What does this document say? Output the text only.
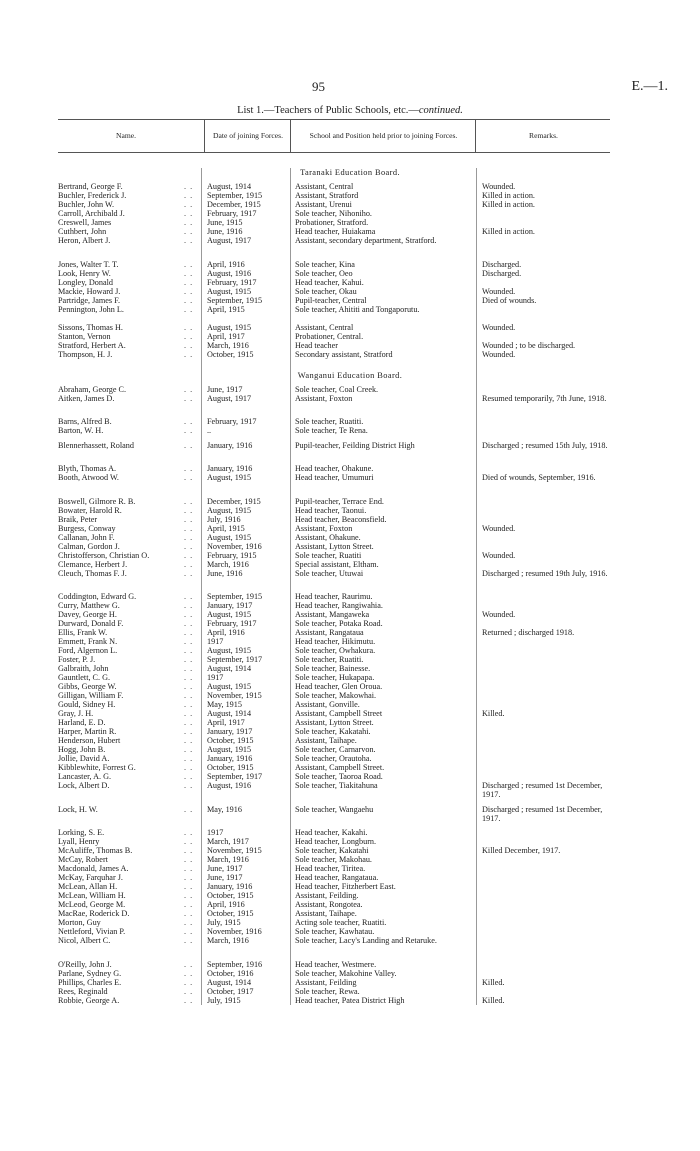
95	E.—1.
List 1.—Teachers of Public Schools, etc.—continued.
Name.	Date of joining Forces.	School and Position held prior to joining Forces.	Remarks.
Taranaki Education Board.
Bertrand, George F.	. .	August, 1914	Assistant, Central	Wounded.
Buchler, Frederick J.	. .	September, 1915	Assistant, Stratford	Killed in action.
Buchler, John W.	. .	December, 1915	Assistant, Urenui	Killed in action.
Carroll, Archibald J.	. .	February, 1917	Sole teacher, Nihoniho.
Creswell, James	. .	June, 1915	Probationer, Stratford.
Cuthbert, John	. .	June, 1916	Head teacher, Huiakama	Killed in action.
Heron, Albert J.	. .	August, 1917	Assistant, secondary department, Stratford.
Jones, Walter T. T.	. .	April, 1916	Sole teacher, Kina	Discharged.
Look, Henry W.	. .	August, 1916	Sole teacher, Oeo	Discharged.
Longley, Donald	. .	February, 1917	Head teacher, Kahui.
Mackie, Howard J.	. .	August, 1915	Sole teacher, Okau	Wounded.
Partridge, James F.	. .	September, 1915	Pupil-teacher, Central	Died of wounds.
Pennington, John L.	. .	April, 1915	Sole teacher, Ahititi and Tongaporutu.
Sissons, Thomas H.	. .	August, 1915	Assistant, Central	Wounded.
Stanton, Vernon	. .	April, 1917	Probationer, Central.
Stratford, Herbert A.	. .	March, 1916	Head teacher	Wounded ; to be discharged.
Thompson, H. J.	. .	October, 1915	Secondary assistant, Stratford	Wounded.
Wanganui Education Board.
Abraham, George C.	. .	June, 1917	Sole teacher, Coal Creek.
Aitken, James D.	. .	August, 1917	Assistant, Foxton	Resumed temporarily, 7th June, 1918.
Barns, Alfred B.	. .	February, 1917	Sole teacher, Ruatiti.
Barton, W. H.	. .	..	Sole teacher, Te Rena.
Blennerhassett, Roland	. .	January, 1916	Pupil-teacher, Feilding District High	Discharged ; resumed 15th July, 1918.
Blyth, Thomas A.	. .	January, 1916	Head teacher, Ohakune.
Booth, Atwood W.	. .	August, 1915	Head teacher, Umumuri	Died of wounds, September, 1916.
Boswell, Gilmore R. B.	. .	December, 1915	Pupil-teacher, Terrace End.
Bowater, Harold R.	. .	August, 1915	Head teacher, Taonui.
Braik, Peter	. .	July, 1916	Head teacher, Beaconsfield.
Burgess, Conway	. .	April, 1915	Assistant, Foxton	Wounded.
Callanan, John F.	. .	August, 1915	Assistant, Ohakune.
Calman, Gordon J.	. .	November, 1916	Assistant, Lytton Street.
Christofferson, Christian O.	. .	February, 1915	Sole teacher, Ruatiti	Wounded.
Clemance, Herbert J.	. .	March, 1916	Special assistant, Eltham.
Cleuch, Thomas F. J.	. .	June, 1916	Sole teacher, Utuwai	Discharged ; resumed 19th July, 1916.
Coddington, Edward G.	. .	September, 1915	Head teacher, Raurimu.
Curry, Matthew G.	. .	January, 1917	Head teacher, Rangiwahia.
Davey, George H.	. .	August, 1915	Assistant, Mangaweka	Wounded.
Durward, Donald F.	. .	February, 1917	Sole teacher, Potaka Road.
Ellis, Frank W.	. .	April, 1916	Assistant, Rangataua	Returned ; discharged 1918.
Emmett, Frank N.	. .	1917	Head teacher, Hikimutu.
Ford, Algernon L.	. .	August, 1915	Sole teacher, Owhakura.
Foster, P. J.	. .	September, 1917	Sole teacher, Ruatiti.
Galbraith, John	. .	August, 1914	Sole teacher, Bainesse.
Gauntlett, C. G.	. .	1917	Sole teacher, Hukapapa.
Gibbs, George W.	. .	August, 1915	Head teacher, Glen Oroua.
Gilligan, William F.	. .	November, 1915	Sole teacher, Makowhai.
Gould, Sidney H.	. .	May, 1915	Assistant, Gonville.
Gray, J. H.	. .	August, 1914	Assistant, Campbell Street	Killed.
Harland, E. D.	. .	April, 1917	Assistant, Lytton Street.
Harper, Martin R.	. .	January, 1917	Sole teacher, Kakatahi.
Henderson, Hubert	. .	October, 1915	Assistant, Taihape.
Hogg, John B.	. .	August, 1915	Sole teacher, Carnarvon.
Jollie, David A.	. .	January, 1916	Sole teacher, Orautoha.
Kibblewhite, Forrest G.	. .	October, 1915	Assistant, Campbell Street.
Lancaster, A. G.	. .	September, 1917	Sole teacher, Taoroa Road.
Lock, Albert D.	. .	August, 1916	Sole teacher, Tiakitahuna	Discharged ; resumed 1st December, 1917.
Lock, H. W.	. .	May, 1916	Sole teacher, Wangaehu	Discharged ; resumed 1st December, 1917.
Lorking, S. E.	. .	1917	Head teacher, Kakahi.
Lyall, Henry	. .	March, 1917	Head teacher, Longburn.
McAuliffe, Thomas B.	. .	November, 1915	Sole teacher, Kakatahi	Killed December, 1917.
McCay, Robert	. .	March, 1916	Sole teacher, Makohau.
Macdonald, James A.	. .	June, 1917	Head teacher, Tiritea.
McKay, Farquhar J.	. .	June, 1917	Head teacher, Rangataua.
McLean, Allan H.	. .	January, 1916	Head teacher, Fitzherbert East.
McLean, William H.	. .	October, 1915	Assistant, Feilding.
McLeod, George M.	. .	April, 1916	Assistant, Rongotea.
MacRae, Roderick D.	. .	October, 1915	Assistant, Taihape.
Morton, Guy	. .	July, 1915	Acting sole teacher, Ruatiti.
Nettleford, Vivian P.	. .	November, 1916	Sole teacher, Kawhatau.
Nicol, Albert C.	. .	March, 1916	Sole teacher, Lacy's Landing and Retaruke.
O'Reilly, John J.	. .	September, 1916	Head teacher, Westmere.
Parlane, Sydney G.	. .	October, 1916	Sole teacher, Makohine Valley.
Phillips, Charles E.	. .	August, 1914	Assistant, Feilding	Killed.
Rees, Reginald	. .	October, 1917	Sole teacher, Rewa.
Robbie, George A.	. .	July, 1915	Head teacher, Patea District High	Killed.
